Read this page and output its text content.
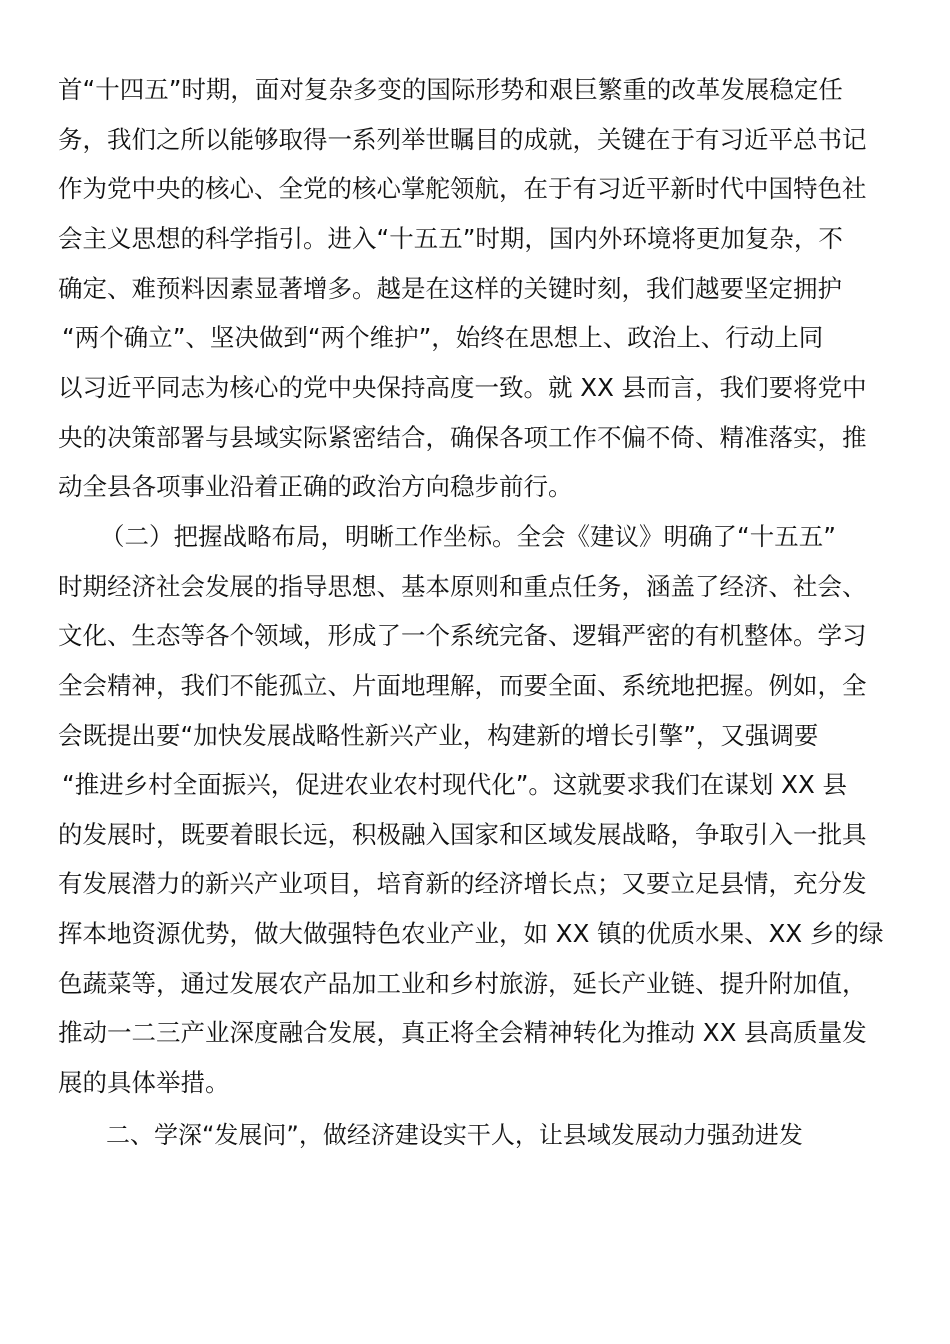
首“十四五”时期，面对复杂多变的国际形势和艰巨繁重的改革发展稳定任
务，我们之所以能够取得一系列举世瞩目的成就，关键在于有习近平总书记
作为党中央的核心、全党的核心掌舵领航，在于有习近平新时代中国特色社
会主义思想的科学指引。进入“十五五”时期，国内外环境将更加复杂，不
确定、难预料因素显著增多。越是在这样的关键时刻，我们越要坚定拥护
“两个确立”、坚决做到“两个维护”，始终在思想上、政治上、行动上同
以习近平同志为核心的党中央保持高度一致。就 XX 县而言，我们要将党中
央的决策部署与县域实际紧密结合，确保各项工作不偏不倚、精准落实，推
动全县各项事业沿着正确的政治方向稳步前行。
（二）把握战略布局，明晰工作坐标。全会《建议》明确了“十五五”
时期经济社会发展的指导思想、基本原则和重点任务，涵盖了经济、社会、
文化、生态等各个领域，形成了一个系统完备、逻辑严密的有机整体。学习
全会精神，我们不能孤立、片面地理解，而要全面、系统地把握。例如，全
会既提出要“加快发展战略性新兴产业，构建新的增长引擎”，又强调要
“推进乡村全面振兴，促进农业农村现代化”。这就要求我们在谋划 XX 县
的发展时，既要着眼长远，积极融入国家和区域发展战略，争取引入一批具
有发展潜力的新兴产业项目，培育新的经济增长点；又要立足县情，充分发
挥本地资源优势，做大做强特色农业产业，如 XX 镇的优质水果、XX 乡的绿
色蔬菜等，通过发展农产品加工业和乡村旅游，延长产业链、提升附加值，
推动一二三产业深度融合发展，真正将全会精神转化为推动 XX 县高质量发
展的具体举措。
二、学深“发展问”，做经济建设实干人，让县域发展动力强劲进发
